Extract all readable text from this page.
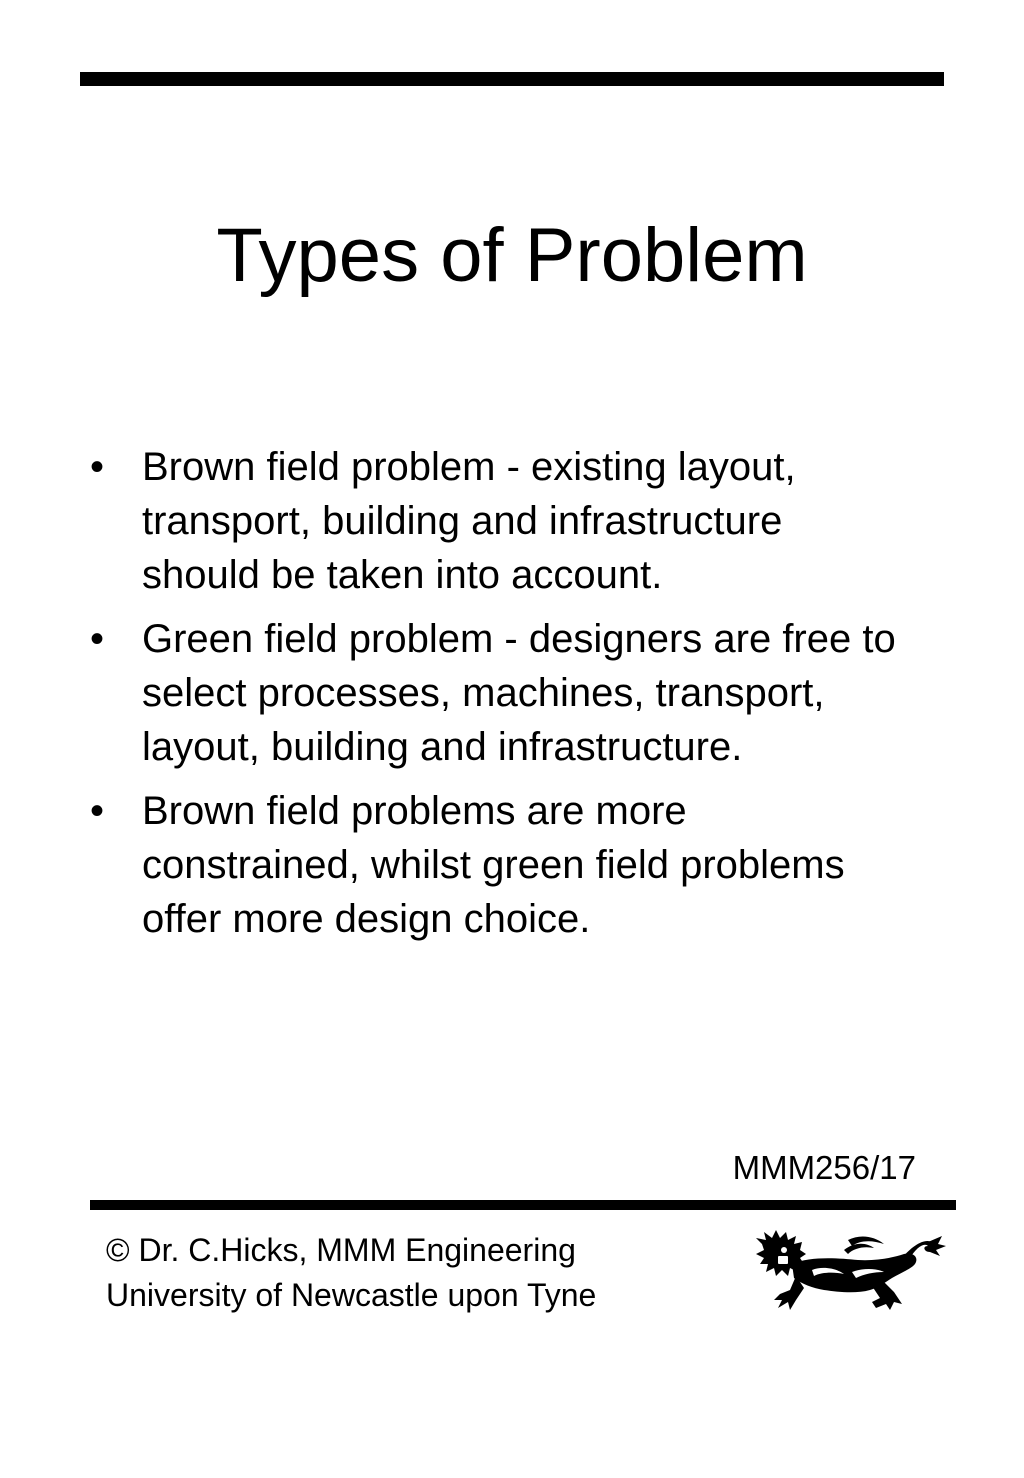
Types of Problem
• Brown field problem - existing layout, transport, building and infrastructure should be taken into account.
• Green field problem - designers are free to select processes, machines, transport, layout, building and infrastructure.
• Brown field problems are more constrained, whilst green field problems offer more design choice.
MMM256/17
© Dr. C.Hicks, MMM Engineering
University of Newcastle upon Tyne
